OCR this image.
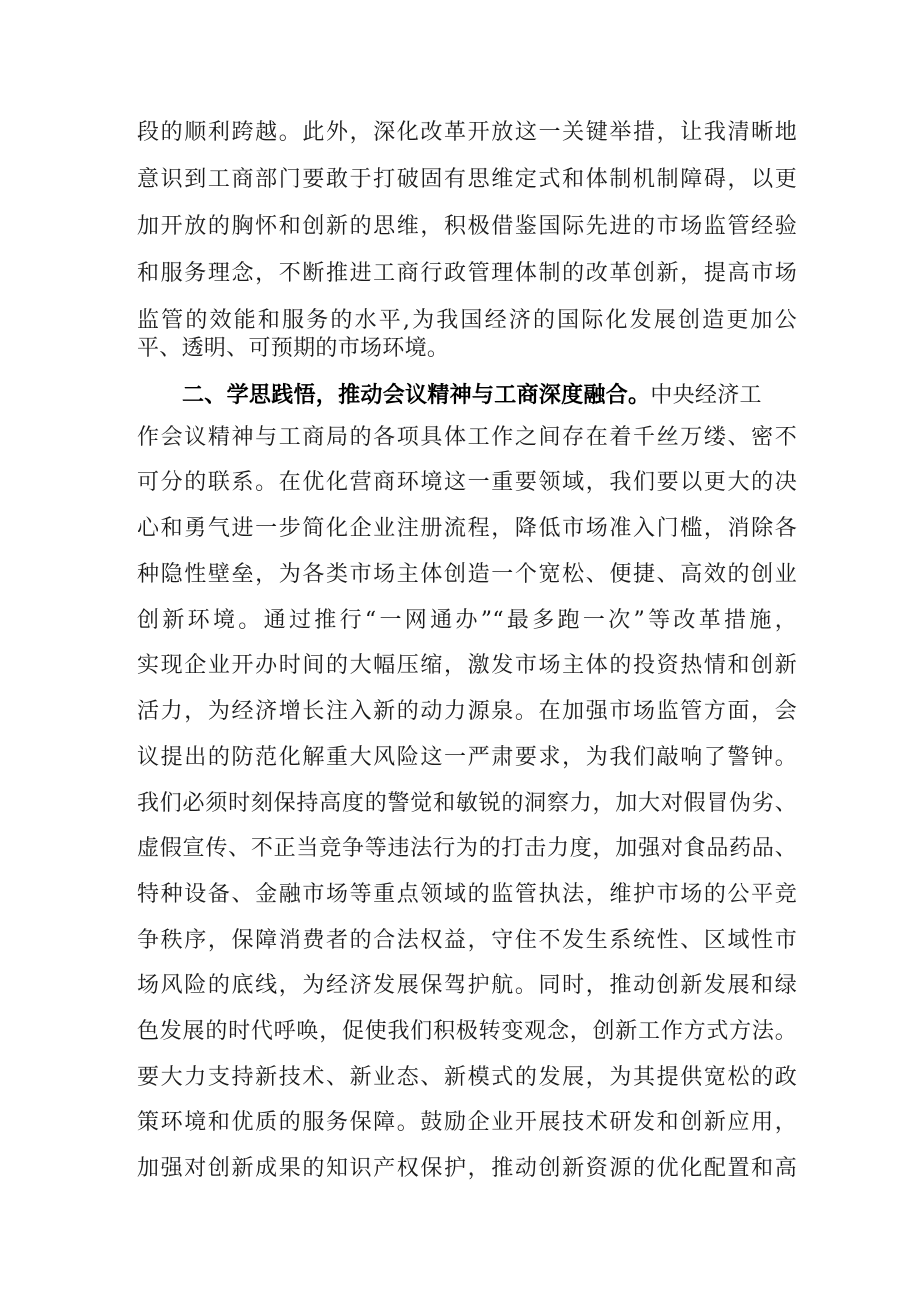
段的顺利跨越。此外，深化改革开放这一关键举措，让我清晰地
意识到工商部门要敢于打破固有思维定式和体制机制障碍，以更
加开放的胸怀和创新的思维，积极借鉴国际先进的市场监管经验
和服务理念，不断推进工商行政管理体制的改革创新，提高市场
监管的效能和服务的水平,为我国经济的国际化发展创造更加公
平、透明、可预期的市场环境。
二、学思践悟，推动会议精神与工商深度融合。中央经济工
作会议精神与工商局的各项具体工作之间存在着千丝万缕、密不
可分的联系。在优化营商环境这一重要领域，我们要以更大的决
心和勇气进一步简化企业注册流程，降低市场准入门槛，消除各
种隐性壁垒，为各类市场主体创造一个宽松、便捷、高效的创业
创新环境。通过推行“一网通办”“最多跑一次”等改革措施，
实现企业开办时间的大幅压缩，激发市场主体的投资热情和创新
活力，为经济增长注入新的动力源泉。在加强市场监管方面，会
议提出的防范化解重大风险这一严肃要求，为我们敲响了警钟。
我们必须时刻保持高度的警觉和敏锐的洞察力，加大对假冒伪劣、
虚假宣传、不正当竞争等违法行为的打击力度，加强对食品药品、
特种设备、金融市场等重点领域的监管执法，维护市场的公平竞
争秩序，保障消费者的合法权益，守住不发生系统性、区域性市
场风险的底线，为经济发展保驾护航。同时，推动创新发展和绿
色发展的时代呼唤，促使我们积极转变观念，创新工作方式方法。
要大力支持新技术、新业态、新模式的发展，为其提供宽松的政
策环境和优质的服务保障。鼓励企业开展技术研发和创新应用，
加强对创新成果的知识产权保护，推动创新资源的优化配置和高
